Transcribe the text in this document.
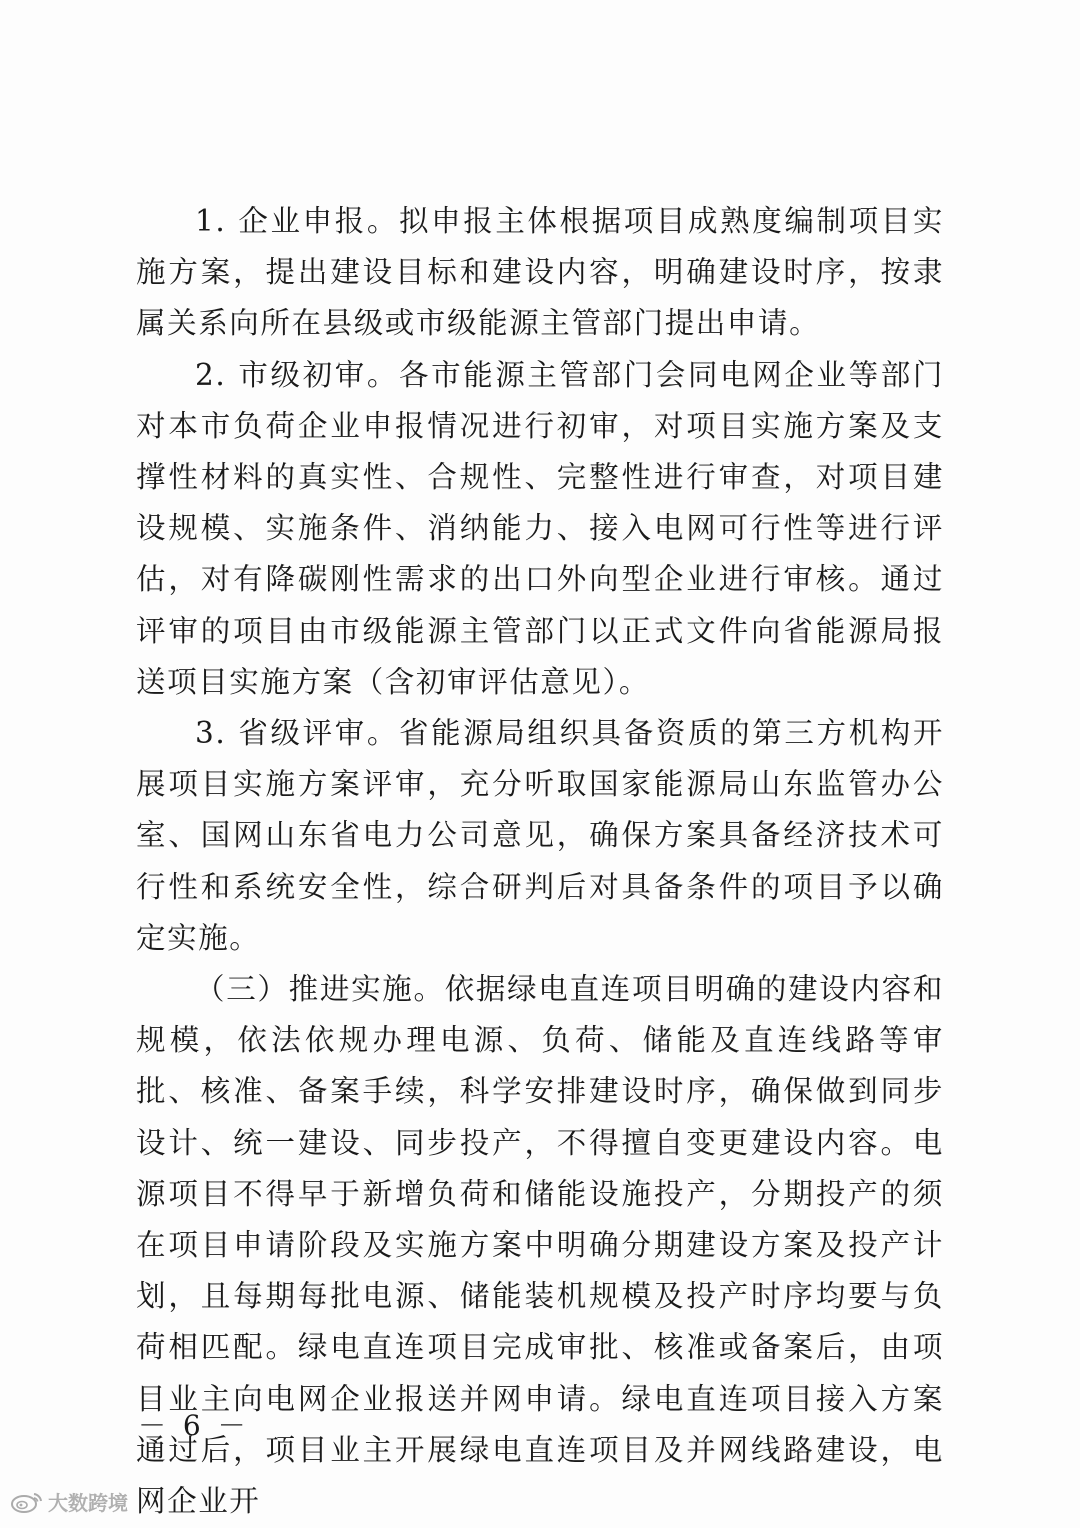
1. 企业申报。拟申报主体根据项目成熟度编制项目实施方案，提出建设目标和建设内容，明确建设时序，按隶属关系向所在县级或市级能源主管部门提出申请。

2. 市级初审。各市能源主管部门会同电网企业等部门对本市负荷企业申报情况进行初审，对项目实施方案及支撑性材料的真实性、合规性、完整性进行审查，对项目建设规模、实施条件、消纳能力、接入电网可行性等进行评估，对有降碳刚性需求的出口外向型企业进行审核。通过评审的项目由市级能源主管部门以正式文件向省能源局报送项目实施方案（含初审评估意见）。

3. 省级评审。省能源局组织具备资质的第三方机构开展项目实施方案评审，充分听取国家能源局山东监管办公室、国网山东省电力公司意见，确保方案具备经济技术可行性和系统安全性，综合研判后对具备条件的项目予以确定实施。

（三）推进实施。依据绿电直连项目明确的建设内容和规模，依法依规办理电源、负荷、储能及直连线路等审批、核准、备案手续，科学安排建设时序，确保做到同步设计、统一建设、同步投产，不得擅自变更建设内容。电源项目不得早于新增负荷和储能设施投产，分期投产的须在项目申请阶段及实施方案中明确分期建设方案及投产计划，且每期每批电源、储能装机规模及投产时序均要与负荷相匹配。绿电直连项目完成审批、核准或备案后，由项目业主向电网企业报送并网申请。绿电直连项目接入方案通过后，项目业主开展绿电直连项目及并网线路建设，电网企业开

－ 6 －
大数跨境
